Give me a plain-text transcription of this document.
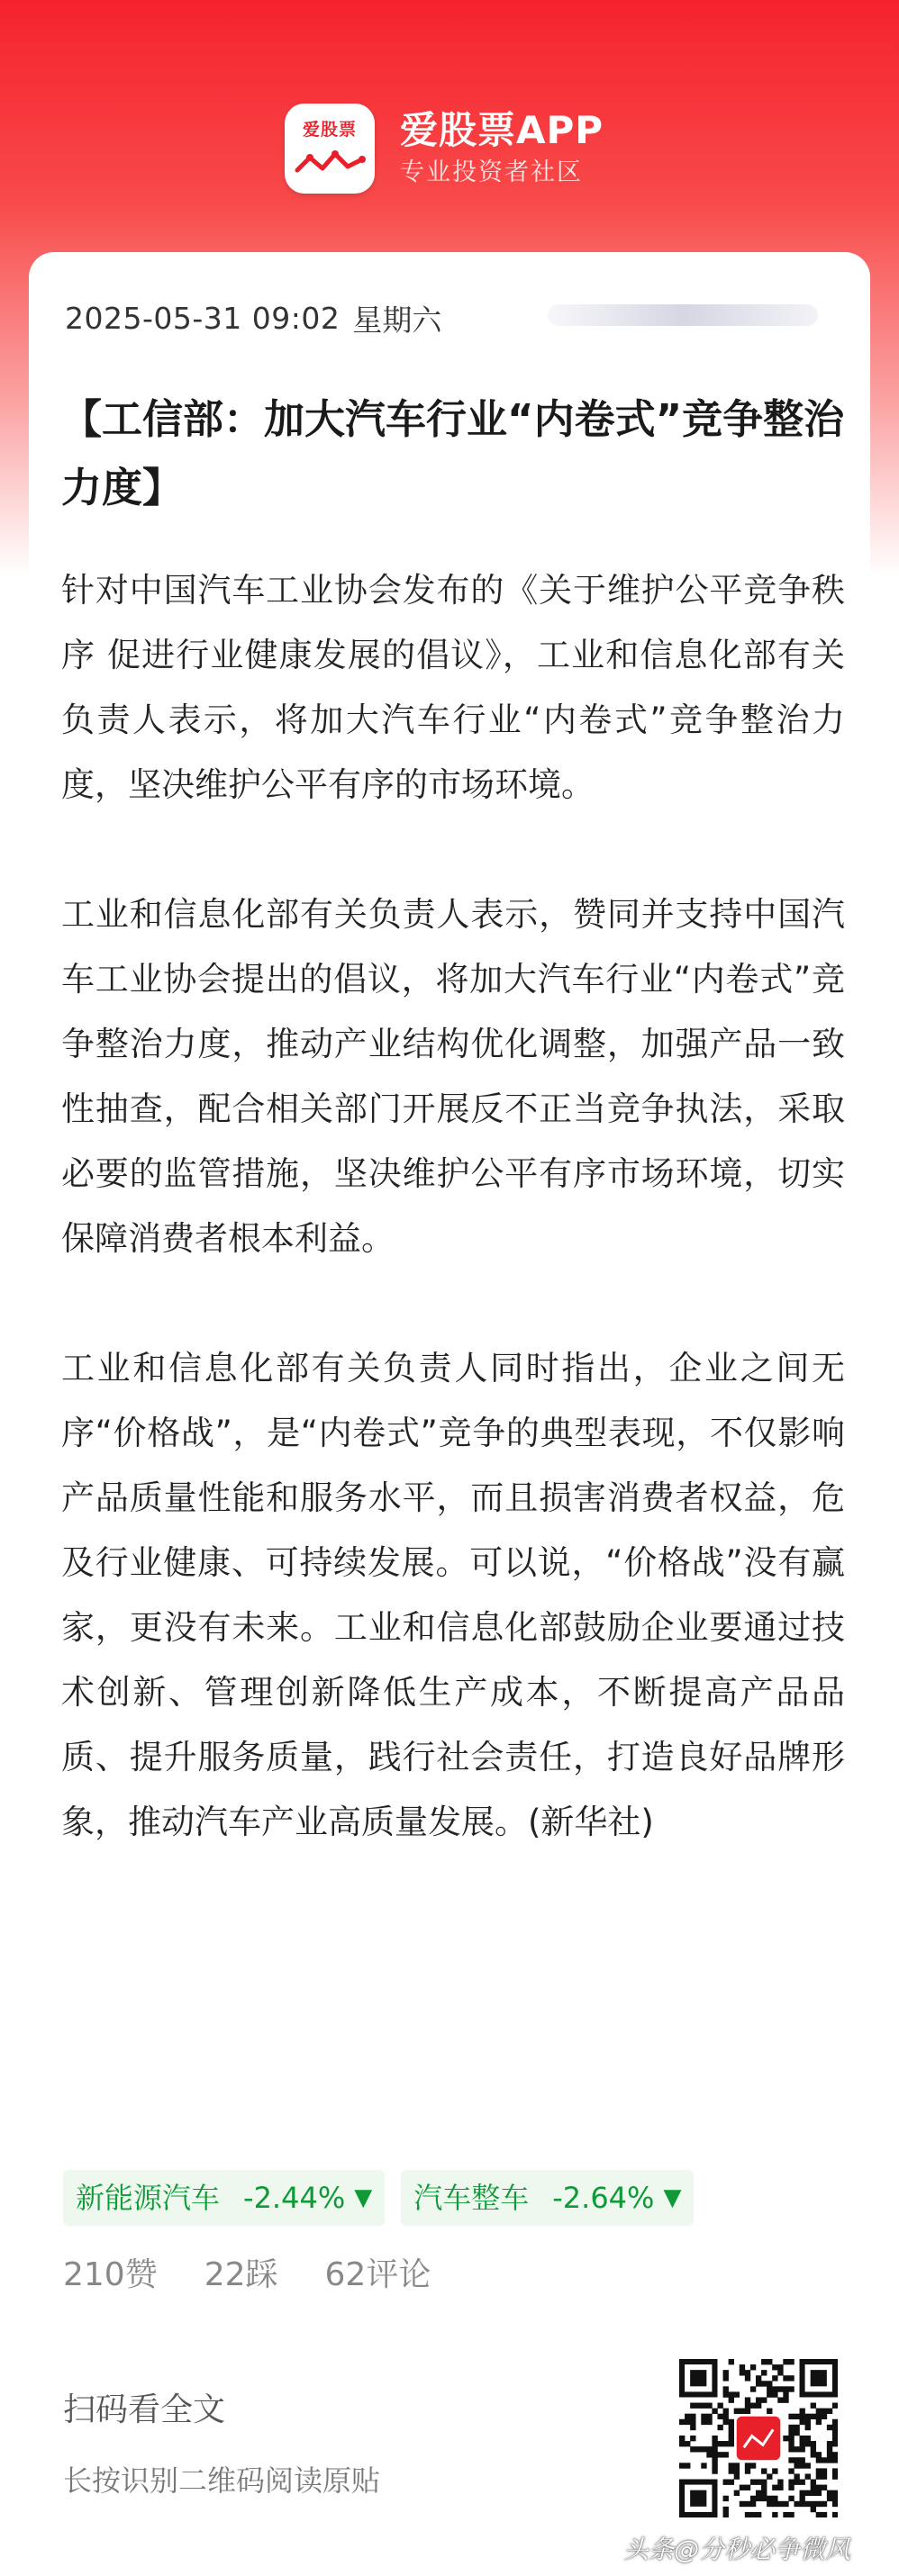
爱股票	爱股票APP
专业投资者社区
2025-05-31 09:02 星期六
【工信部：加大汽车行业“内卷式”竞争整治力度】

针对中国汽车工业协会发布的《关于维护公平竞争秩序 促进行业健康发展的倡议》，工业和信息化部有关负责人表示，将加大汽车行业“内卷式”竞争整治力度，坚决维护公平有序的市场环境。

工业和信息化部有关负责人表示，赞同并支持中国汽车工业协会提出的倡议，将加大汽车行业“内卷式”竞争整治力度，推动产业结构优化调整，加强产品一致性抽查，配合相关部门开展反不正当竞争执法，采取必要的监管措施，坚决维护公平有序市场环境，切实保障消费者根本利益。

工业和信息化部有关负责人同时指出，企业之间无序“价格战”，是“内卷式”竞争的典型表现，不仅影响产品质量性能和服务水平，而且损害消费者权益，危及行业健康、可持续发展。可以说，“价格战”没有赢家，更没有未来。工业和信息化部鼓励企业要通过技术创新、管理创新降低生产成本，不断提高产品品质、提升服务质量，践行社会责任，打造良好品牌形象，推动汽车产业高质量发展。(新华社)

新能源汽车 -2.44% ▼ 汽车整车 -2.64% ▼
210赞 22踩 62评论
扫码看全文
长按识别二维码阅读原贴
头条@分秒必争微风
